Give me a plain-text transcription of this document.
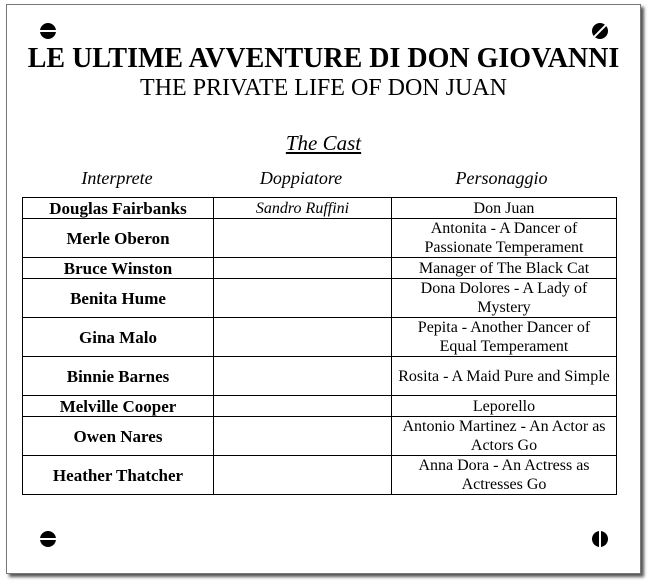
LE ULTIME AVVENTURE DI DON GIOVANNI
THE PRIVATE LIFE OF DON JUAN
The Cast
Interprete	Doppiatore	Personaggio
Douglas Fairbanks	Sandro Ruffini	Don Juan
Merle Oberon		Antonita - A Dancer of Passionate Temperament
Bruce Winston		Manager of The Black Cat
Benita Hume		Dona Dolores - A Lady of Mystery
Gina Malo		Pepita - Another Dancer of Equal Temperament
Binnie Barnes		Rosita - A Maid Pure and Simple
Melville Cooper		Leporello
Owen Nares		Antonio Martinez - An Actor as Actors Go
Heather Thatcher		Anna Dora - An Actress as Actresses Go
